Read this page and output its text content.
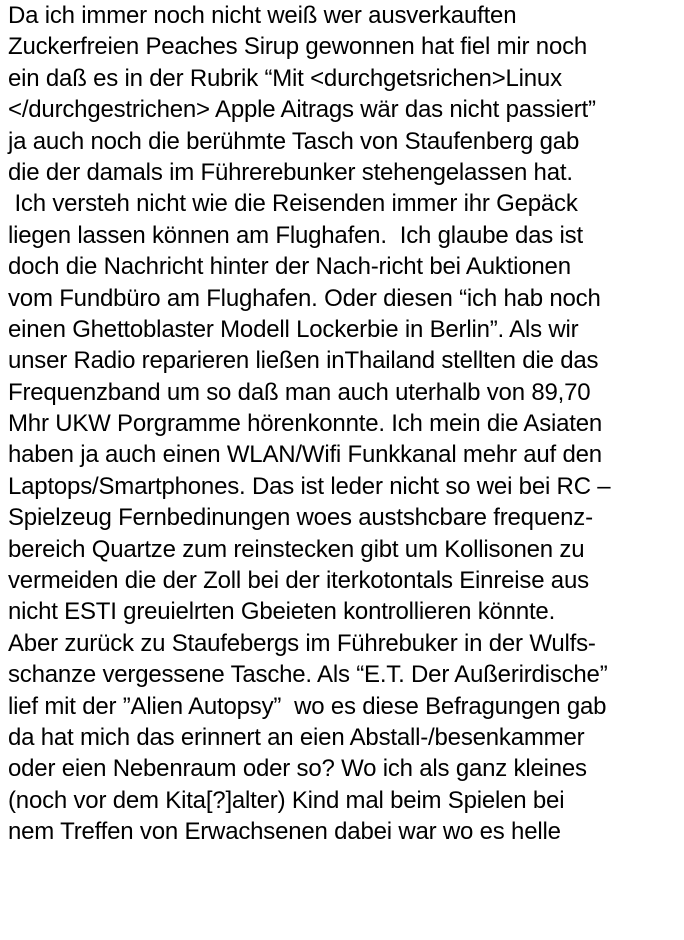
Da ich immer noch nicht weiß wer ausverkauften
Zuckerfreien Peaches Sirup gewonnen hat fiel mir noch
ein daß es in der Rubrik “Mit <durchgetsrichen>Linux
</durchgestrichen> Apple Aitrags wär das nicht passiert”
ja auch noch die berühmte Tasch von Staufenberg gab
die der damals im Führerebunker stehengelassen hat.
Ich versteh nicht wie die Reisenden immer ihr Gepäck
liegen lassen können am Flughafen.  Ich glaube das ist
doch die Nachricht hinter der Nach-richt bei Auktionen
vom Fundbüro am Flughafen. Oder diesen “ich hab noch
einen Ghettoblaster Modell Lockerbie in Berlin”. Als wir
unser Radio reparieren ließen inThailand stellten die das
Frequenzband um so daß man auch uterhalb von 89,70
Mhr UKW Porgramme hörenkonnte. Ich mein die Asiaten
haben ja auch einen WLAN/Wifi Funkkanal mehr auf den
Laptops/Smartphones. Das ist leder nicht so wei bei RC –
Spielzeug Fernbedinungen woes austshcbare frequenz-
bereich Quartze zum reinstecken gibt um Kollisonen zu
vermeiden die der Zoll bei der iterkotontals Einreise aus
nicht ESTI greuielrten Gbeieten kontrollieren könnte.
Aber zurück zu Staufebergs im Führebuker in der Wulfs-
schanze vergessene Tasche. Als “E.T. Der Außerirdische”
lief mit der ”Alien Autopsy”  wo es diese Befragungen gab
da hat mich das erinnert an eien Abstall-/besenkammer
oder eien Nebenraum oder so? Wo ich als ganz kleines
(noch vor dem Kita[?]alter) Kind mal beim Spielen bei
nem Treffen von Erwachsenen dabei war wo es helle
